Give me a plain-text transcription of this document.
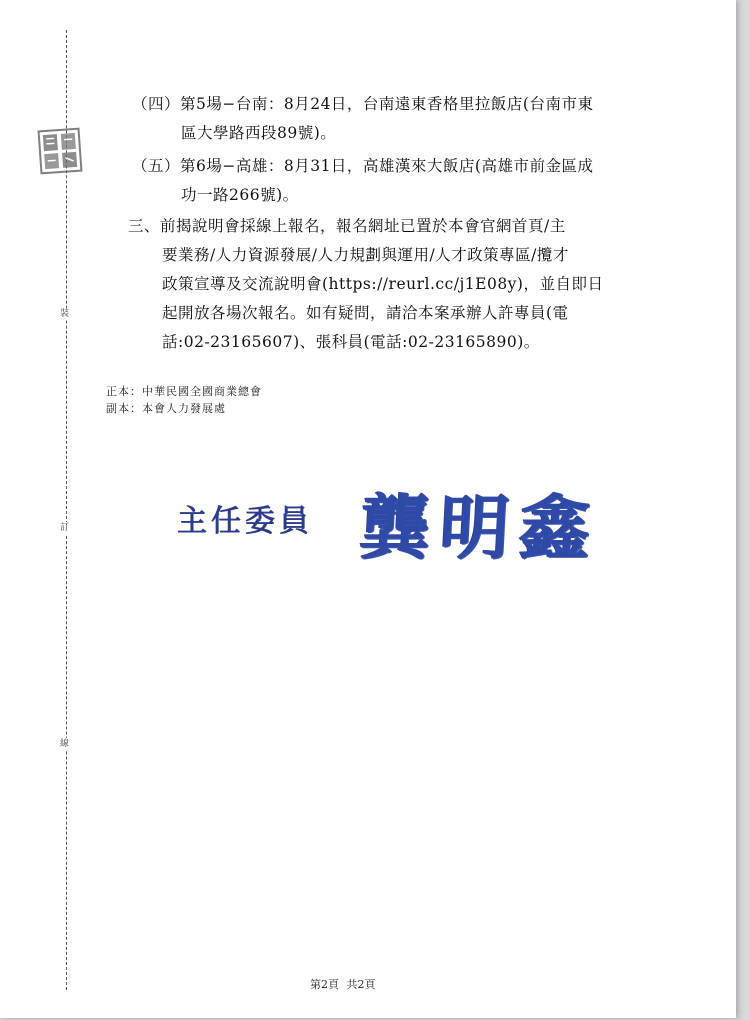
裝
訂
線
（四）第5場−台南：8月24日，台南遠東香格里拉飯店(台南市東
區大學路西段89號)。
（五）第6場−高雄：8月31日，高雄漢來大飯店(高雄市前金區成
功一路266號)。
三、前揭說明會採線上報名，報名網址已置於本會官網首頁/主
要業務/人力資源發展/人力規劃與運用/人才政策專區/攬才
政策宣導及交流說明會(https://reurl.cc/j1E08y)，並自即日
起開放各場次報名。如有疑問，請洽本案承辦人許專員(電
話:02-23165607)、張科員(電話:02-23165890)。
正本：中華民國全國商業總會
副本：本會人力發展處
主任委員 龔明鑫
第2頁 共2頁
